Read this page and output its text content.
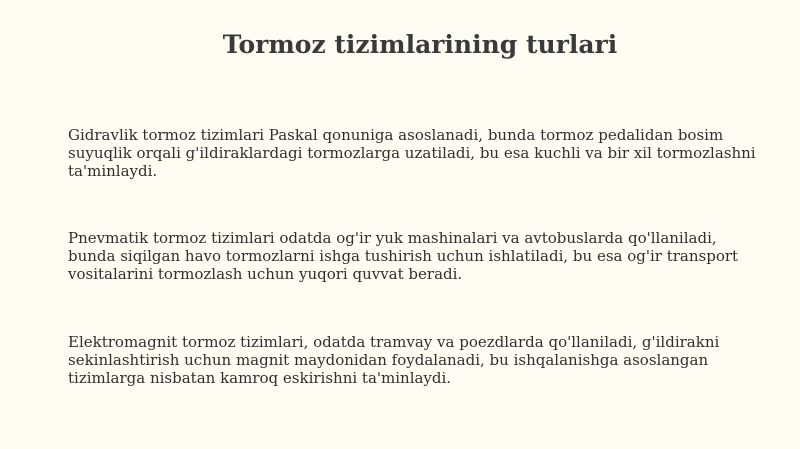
Tormoz tizimlarining turlari

Gidravlik tormoz tizimlari Paskal qonuniga asoslanadi, bunda tormoz pedalidan bosim suyuqlik orqali g'ildiraklardagi tormozlarga uzatiladi, bu esa kuchli va bir xil tormozlashni ta'minlaydi.

Pnevmatik tormoz tizimlari odatda og'ir yuk mashinalari va avtobuslarda qo'llaniladi, bunda siqilgan havo tormozlarni ishga tushirish uchun ishlatiladi, bu esa og'ir transport vositalarini tormozlash uchun yuqori quvvat beradi.

Elektromagnit tormoz tizimlari, odatda tramvay va poezdlarda qo'llaniladi, g'ildirakni sekinlashtirish uchun magnit maydonidan foydalanadi, bu ishqalanishga asoslangan tizimlarga nisbatan kamroq eskirishni ta'minlaydi.
